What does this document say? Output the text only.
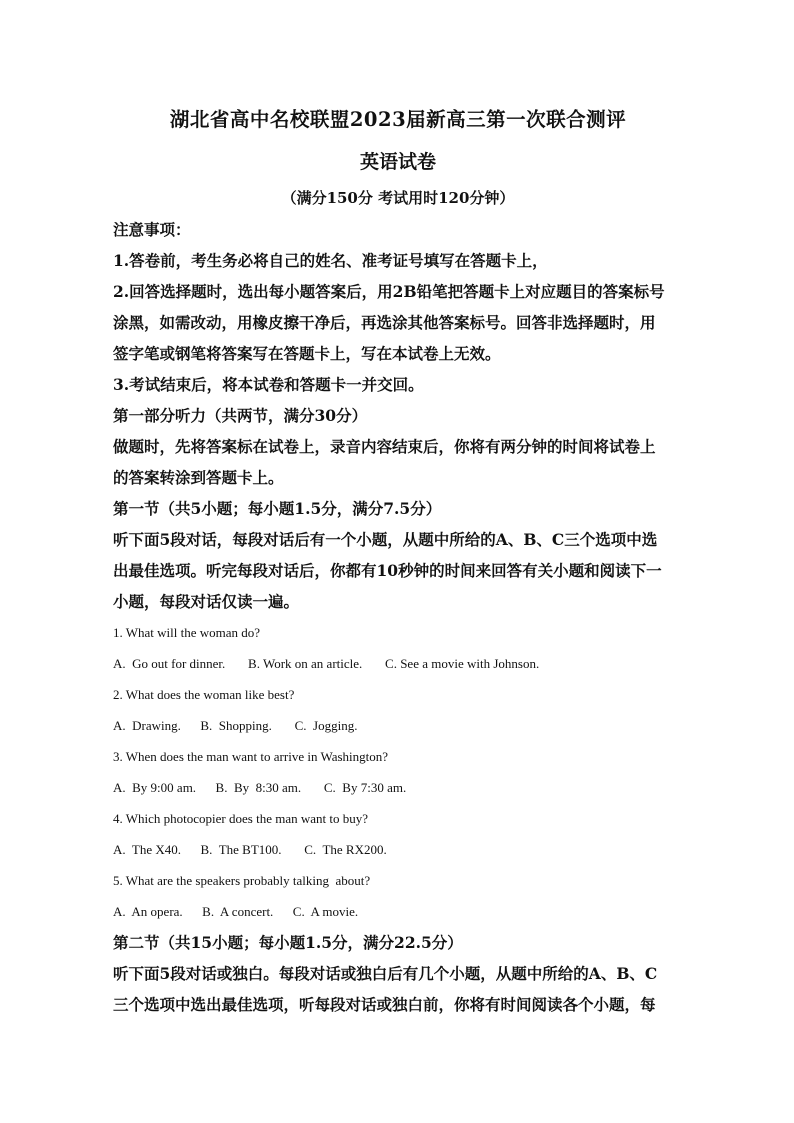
湖北省高中名校联盟2023届新高三第一次联合测评
英语试卷
（满分150分 考试用时120分钟）

注意事项：

1.答卷前，考生务必将自己的姓名、准考证号填写在答题卡上，

2.回答选择题时，选出每小题答案后，用2B铅笔把答题卡上对应题目的答案标号

涂黑，如需改动，用橡皮擦干净后，再选涂其他答案标号。回答非选择题时，用

签字笔或钢笔将答案写在答题卡上，写在本试卷上无效。

3.考试结束后，将本试卷和答题卡一并交回。

第一部分听力（共两节，满分30分）

做题时，先将答案标在试卷上，录音内容结束后，你将有两分钟的时间将试卷上

的答案转涂到答题卡上。

第一节（共5小题；每小题1.5分，满分7.5分）

听下面5段对话，每段对话后有一个小题，从题中所给的A、B、C三个选项中选

出最佳选项。听完每段对话后，你都有10秒钟的时间来回答有关小题和阅读下一

小题，每段对话仅读一遍。

1. What will the woman do?

A.  Go out for dinner.       B. Work on an article.       C. See a movie with Johnson.

2. What does the woman like best?

A.  Drawing.      B.  Shopping.       C.  Jogging.

3. When does the man want to arrive in Washington?

A.  By 9:00 am.      B.  By  8:30 am.       C.  By 7:30 am.

4. Which photocopier does the man want to buy?

A.  The X40.      B.  The BT100.       C.  The RX200.

5. What are the speakers probably talking  about?

A.  An opera.      B.  A concert.      C.  A movie.

第二节（共15小题；每小题1.5分，满分22.5分）

听下面5段对话或独白。每段对话或独白后有几个小题，从题中所给的A、B、C

三个选项中选出最佳选项，听每段对话或独白前，你将有时间阅读各个小题，每
